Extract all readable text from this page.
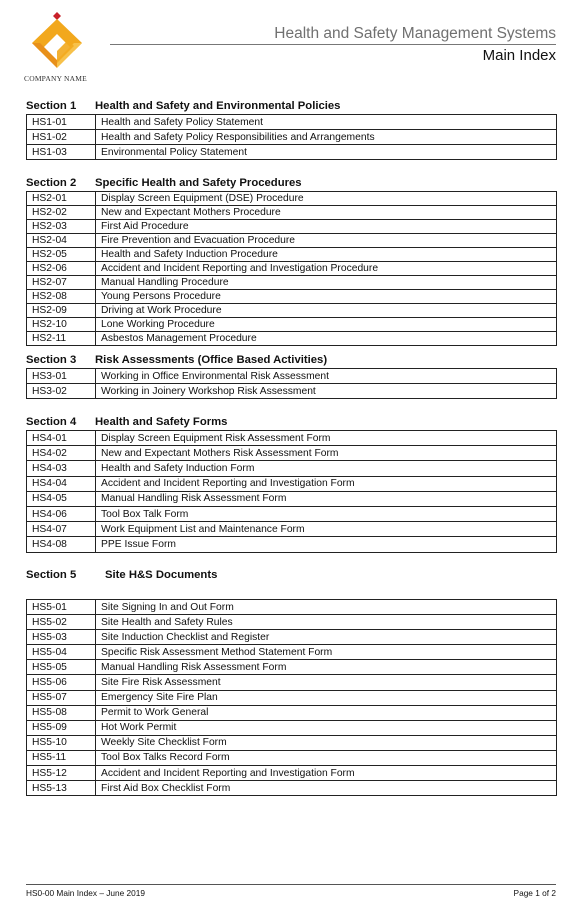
COMPANY NAME
Health and Safety Management Systems
Main Index
Section 1 Health and Safety and Environmental Policies
HS1-01	Health and Safety Policy Statement
HS1-02	Health and Safety Policy Responsibilities and Arrangements
HS1-03	Environmental Policy Statement
Section 2 Specific Health and Safety Procedures
HS2-01	Display Screen Equipment (DSE) Procedure
HS2-02	New and Expectant Mothers Procedure
HS2-03	First Aid Procedure
HS2-04	Fire Prevention and Evacuation Procedure
HS2-05	Health and Safety Induction Procedure
HS2-06	Accident and Incident Reporting and Investigation Procedure
HS2-07	Manual Handling Procedure
HS2-08	Young Persons Procedure
HS2-09	Driving at Work Procedure
HS2-10	Lone Working Procedure
HS2-11	Asbestos Management Procedure
Section 3 Risk Assessments (Office Based Activities)
HS3-01	Working in Office Environmental Risk Assessment
HS3-02	Working in Joinery Workshop Risk Assessment
Section 4 Health and Safety Forms
HS4-01	Display Screen Equipment Risk Assessment Form
HS4-02	New and Expectant Mothers Risk Assessment Form
HS4-03	Health and Safety Induction Form
HS4-04	Accident and Incident Reporting and Investigation Form
HS4-05	Manual Handling Risk Assessment Form
HS4-06	Tool Box Talk Form
HS4-07	Work Equipment List and Maintenance Form
HS4-08	PPE Issue Form
Section 5	Site H&S Documents
HS5-01	Site Signing In and Out Form
HS5-02	Site Health and Safety Rules
HS5-03	Site Induction Checklist and Register
HS5-04	Specific Risk Assessment Method Statement Form
HS5-05	Manual Handling Risk Assessment Form
HS5-06	Site Fire Risk Assessment
HS5-07	Emergency Site Fire Plan
HS5-08	Permit to Work General
HS5-09	Hot Work Permit
HS5-10	Weekly Site Checklist Form
HS5-11	Tool Box Talks Record Form
HS5-12	Accident and Incident Reporting and Investigation Form
HS5-13	First Aid Box Checklist Form
HS0-00 Main Index – June 2019	Page 1 of 2
